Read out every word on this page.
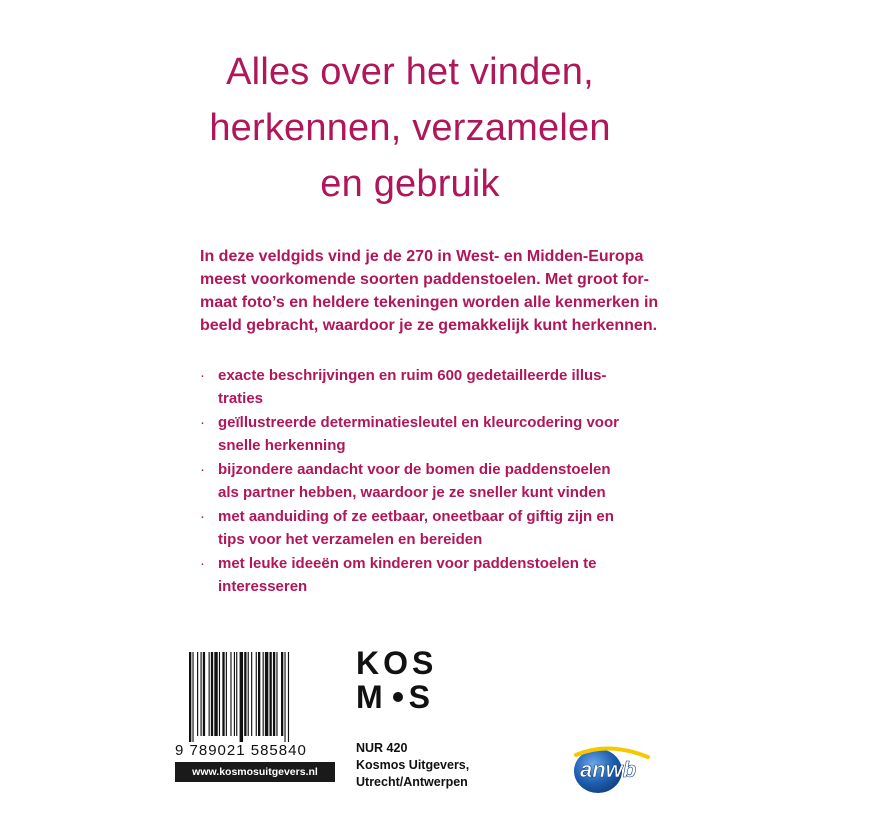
Alles over het vinden,
herkennen, verzamelen
en gebruik
In deze veldgids vind je de 270 in West- en Midden-Europa
meest voorkomende soorten paddenstoelen. Met groot for-
maat foto’s en heldere tekeningen worden alle kenmerken in
beeld gebracht, waardoor je ze gemakkelijk kunt herkennen.
· exacte beschrijvingen en ruim 600 gedetailleerde illus-
traties
· geïllustreerde determinatiesleutel en kleurcodering voor
snelle herkenning
· bijzondere aandacht voor de bomen die paddenstoelen
als partner hebben, waardoor je ze sneller kunt vinden
· met aanduiding of ze eetbaar, oneetbaar of giftig zijn en
tips voor het verzamelen en bereiden
· met leuke ideeën om kinderen voor paddenstoelen te
interesseren
9 789021 585840
www.kosmosuitgevers.nl
KOS
M S
NUR 420
Kosmos Uitgevers,
Utrecht/Antwerpen	anwb
